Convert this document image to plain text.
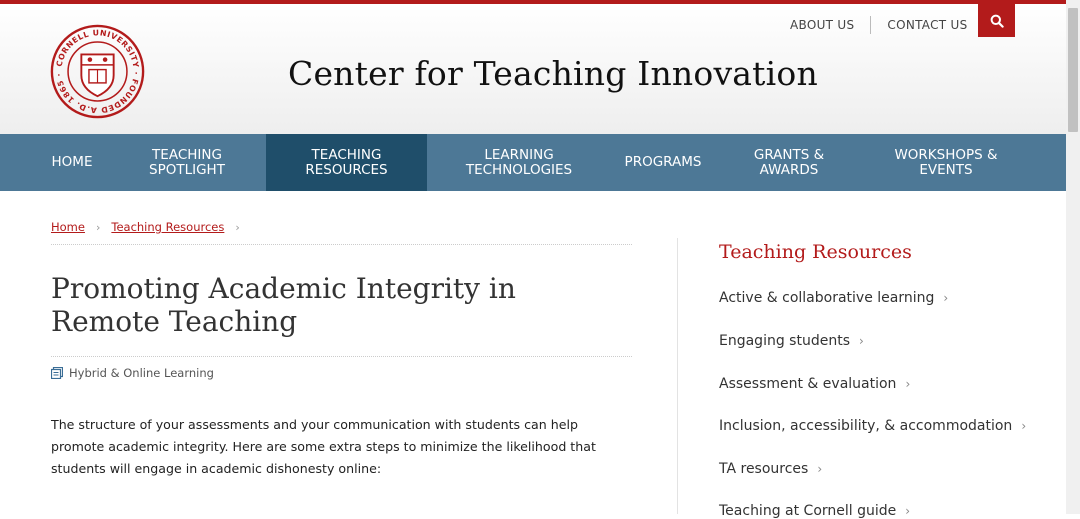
CORNELL UNIVERSITY · FOUNDED A.D. 1865 ·	Center for Teaching Innovation
ABOUT US	CONTACT US
HOME	TEACHING SPOTLIGHT
TEACHING RESOURCES
LEARNING TECHNOLOGIES	PROGRAMS	GRANTS & AWARDS
WORKSHOPS & EVENTS
Home › Teaching Resources ›
Promoting Academic Integrity in Remote Teaching
Hybrid & Online Learning

The structure of your assessments and your communication with students can help promote academic integrity. Here are some extra steps to minimize the likelihood that students will engage in academic dishonesty online:

Teaching Resources
Active & collaborative learning ›
Engaging students ›
Assessment & evaluation ›
Inclusion, accessibility, & accommodation ›
TA resources ›
Teaching at Cornell guide ›
